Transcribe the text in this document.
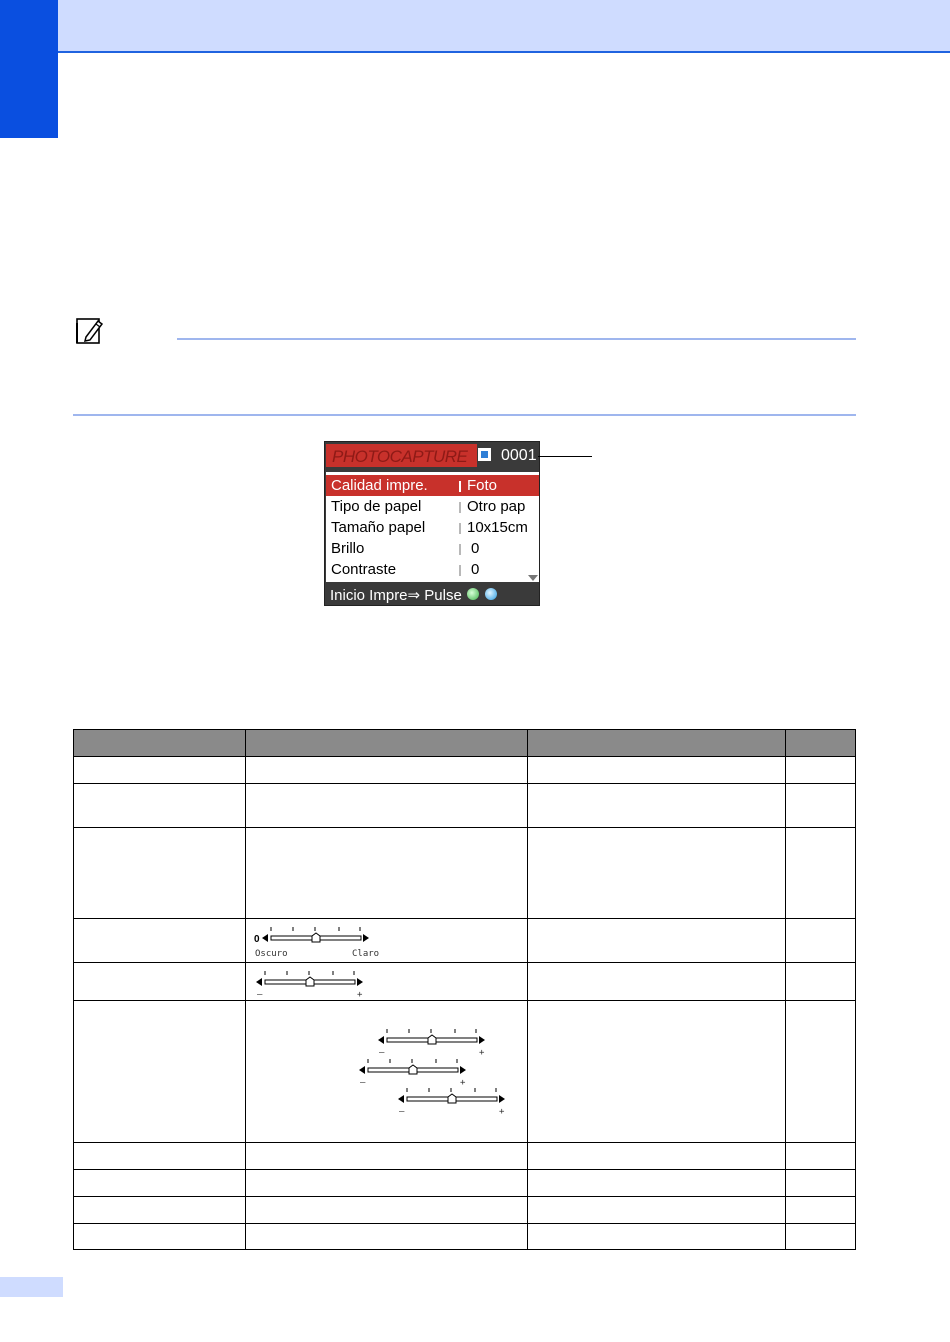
PHOTOCAPTURE 0001
Calidad impre.	Foto
Tipo de papel	Otro pap
Tamaño papel	10x15cm
Brillo	0
Contraste	0
Inicio Impre⇒ Pulse
0
Oscuro	Claro
–	+
–	+
–	+
–	+
